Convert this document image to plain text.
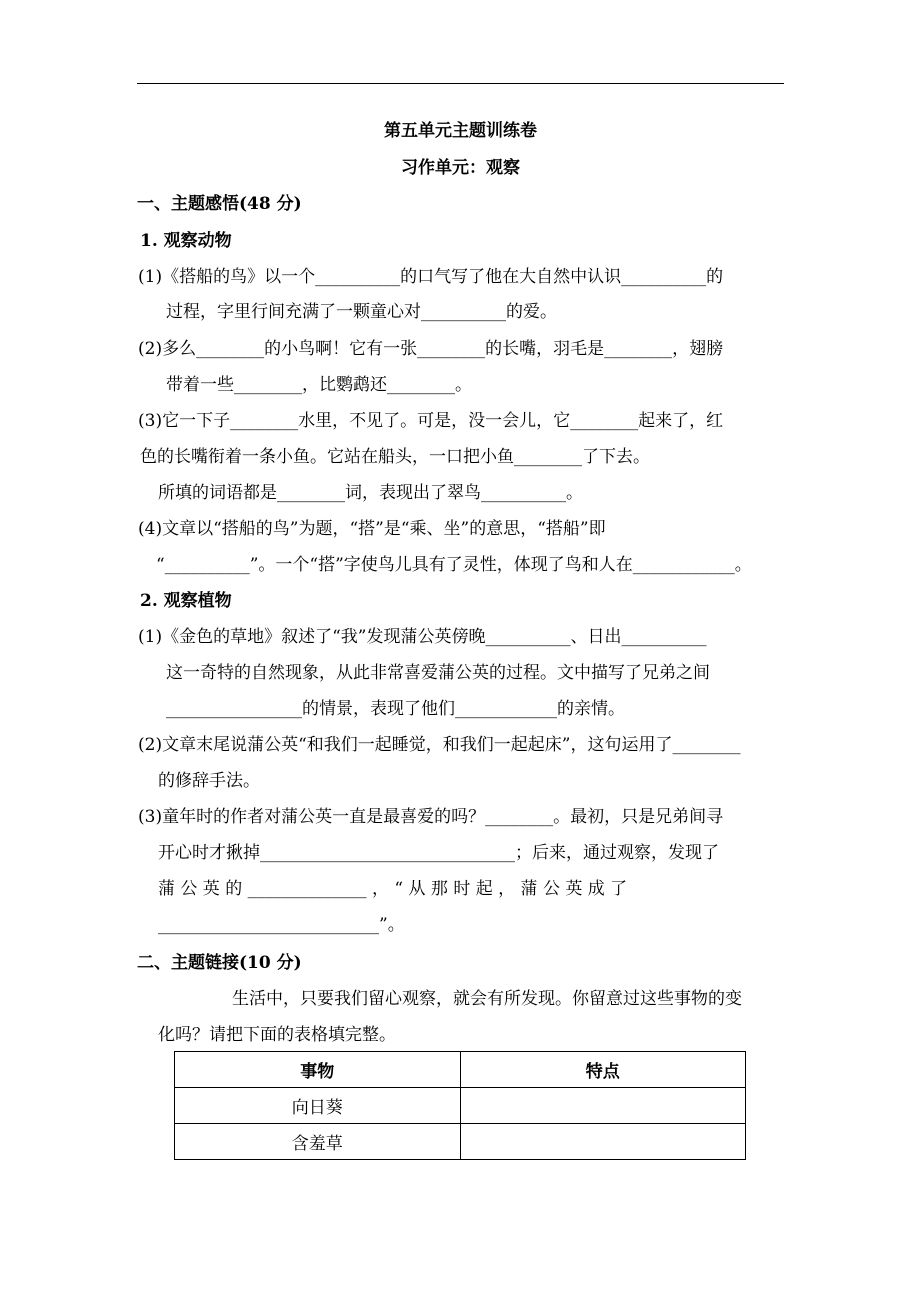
第五单元主题训练卷
习作单元：观察
一、主题感悟(48 分)
1. 观察动物
(1)《搭船的鸟》以一个__________的口气写了他在大自然中认识__________的
过程，字里行间充满了一颗童心对__________的爱。
(2)多么________的小鸟啊！它有一张________的长嘴，羽毛是________，翅膀
带着一些________，比鹦鹉还________。
(3)它一下子________水里，不见了。可是，没一会儿，它________起来了，红
色的长嘴衔着一条小鱼。它站在船头，一口把小鱼________了下去。
所填的词语都是________词，表现出了翠鸟__________。
(4)文章以“搭船的鸟”为题，“搭”是“乘、坐”的意思，“搭船”即
“__________”。一个“搭”字使鸟儿具有了灵性，体现了鸟和人在____________。
2. 观察植物
(1)《金色的草地》叙述了“我”发现蒲公英傍晚__________、日出__________
这一奇特的自然现象，从此非常喜爱蒲公英的过程。文中描写了兄弟之间
________________的情景，表现了他们____________的亲情。
(2)文章末尾说蒲公英“和我们一起睡觉，和我们一起起床”，这句运用了________
的修辞手法。
(3)童年时的作者对蒲公英一直是最喜爱的吗？________。最初，只是兄弟间寻
开心时才揪掉______________________________；后来，通过观察，发现了
蒲 公 英 的 ______________ ， “ 从 那 时 起 ， 蒲 公 英 成 了
__________________________”。
二、主题链接(10 分)
生活中，只要我们留心观察，就会有所发现。你留意过这些事物的变
化吗？请把下面的表格填完整。
事物	特点
向日葵	
含羞草	
